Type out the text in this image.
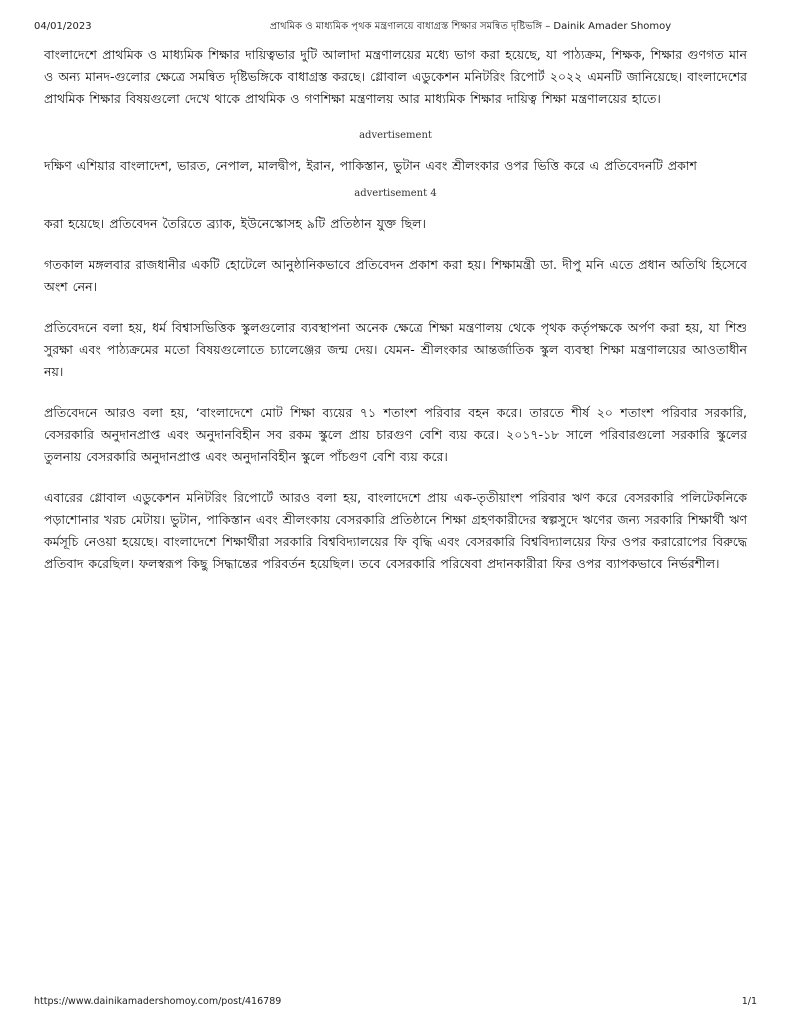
04/01/2023	প্রাথমিক ও মাধ্যমিক পৃথক মন্ত্রণালয়ে বাধাগ্রস্ত শিক্ষার সমন্বিত দৃষ্টিভঙ্গি – Dainik Amader Shomoy

বাংলাদেশে প্রাথমিক ও মাধ্যমিক শিক্ষার দায়িত্বভার দুটি আলাদা মন্ত্রণালয়ের মধ্যে ভাগ করা হয়েছে, যা পাঠ্যক্রম, শিক্ষক, শিক্ষার গুণগত মান ও অন্য মানদ-গুলোর ক্ষেত্রে সমন্বিত দৃষ্টিভঙ্গিকে বাধাগ্রস্ত করছে। গ্লোবাল এডুকেশন মনিটরিং রিপোর্ট ২০২২ এমনটি জানিয়েছে। বাংলাদেশের প্রাথমিক শিক্ষার বিষয়গুলো দেখে থাকে প্রাথমিক ও গণশিক্ষা মন্ত্রণালয় আর মাধ্যমিক শিক্ষার দায়িত্ব শিক্ষা মন্ত্রণালয়ের হাতে।

advertisement

দক্ষিণ এশিয়ার বাংলাদেশ, ভারত, নেপাল, মালদ্বীপ, ইরান, পাকিস্তান, ভুটান এবং শ্রীলংকার ওপর ভিত্তি করে এ প্রতিবেদনটি প্রকাশ

advertisement 4

করা হয়েছে। প্রতিবেদন তৈরিতে ব্র্যাক, ইউনেস্কোসহ ৯টি প্রতিষ্ঠান যুক্ত ছিল।

গতকাল মঙ্গলবার রাজধানীর একটি হোটেলে আনুষ্ঠানিকভাবে প্রতিবেদন প্রকাশ করা হয়। শিক্ষামন্ত্রী ডা. দীপু মনি এতে প্রধান অতিথি হিসেবে অংশ নেন।

প্রতিবেদনে বলা হয়, ধর্ম বিশ্বাসভিত্তিক স্কুলগুলোর ব্যবস্থাপনা অনেক ক্ষেত্রে শিক্ষা মন্ত্রণালয় থেকে পৃথক কর্তৃপক্ষকে অর্পণ করা হয়, যা শিশু সুরক্ষা এবং পাঠ্যক্রমের মতো বিষয়গুলোতে চ্যালেঞ্জের জন্ম দেয়। যেমন- শ্রীলংকার আন্তর্জাতিক স্কুল ব্যবস্থা শিক্ষা মন্ত্রণালয়ের আওতাধীন নয়।

প্রতিবেদনে আরও বলা হয়, ‘বাংলাদেশে মোট শিক্ষা ব্যয়ের ৭১ শতাংশ পরিবার বহন করে। তারতে শীর্ষ ২০ শতাংশ পরিবার সরকারি, বেসরকারি অনুদানপ্রাপ্ত এবং অনুদানবিহীন সব রকম স্কুলে প্রায় চারগুণ বেশি ব্যয় করে। ২০১৭-১৮ সালে পরিবারগুলো সরকারি স্কুলের তুলনায় বেসরকারি অনুদানপ্রাপ্ত এবং অনুদানবিহীন স্কুলে পাঁচগুণ বেশি ব্যয় করে।

এবারের গ্লোবাল এডুকেশন মনিটরিং রিপোর্টে আরও বলা হয়, বাংলাদেশে প্রায় এক-তৃতীয়াংশ পরিবার ঋণ করে বেসরকারি পলিটেকনিকে পড়াশোনার খরচ মেটায়। ভুটান, পাকিস্তান এবং শ্রীলংকায় বেসরকারি প্রতিষ্ঠানে শিক্ষা গ্রহণকারীদের স্বল্পসুদে ঋণের জন্য সরকারি শিক্ষার্থী ঋণ কর্মসূচি নেওয়া হয়েছে। বাংলাদেশে শিক্ষার্থীরা সরকারি বিশ্ববিদ্যালয়ের ফি বৃদ্ধি এবং বেসরকারি বিশ্ববিদ্যালয়ের ফির ওপর করারোপের বিরুদ্ধে প্রতিবাদ করেছিল। ফলস্বরূপ কিছু সিদ্ধান্তের পরিবর্তন হয়েছিল। তবে বেসরকারি পরিষেবা প্রদানকারীরা ফির ওপর ব্যাপকভাবে নির্ভরশীল।

https://www.dainikamadershomoy.com/post/416789	1/1
